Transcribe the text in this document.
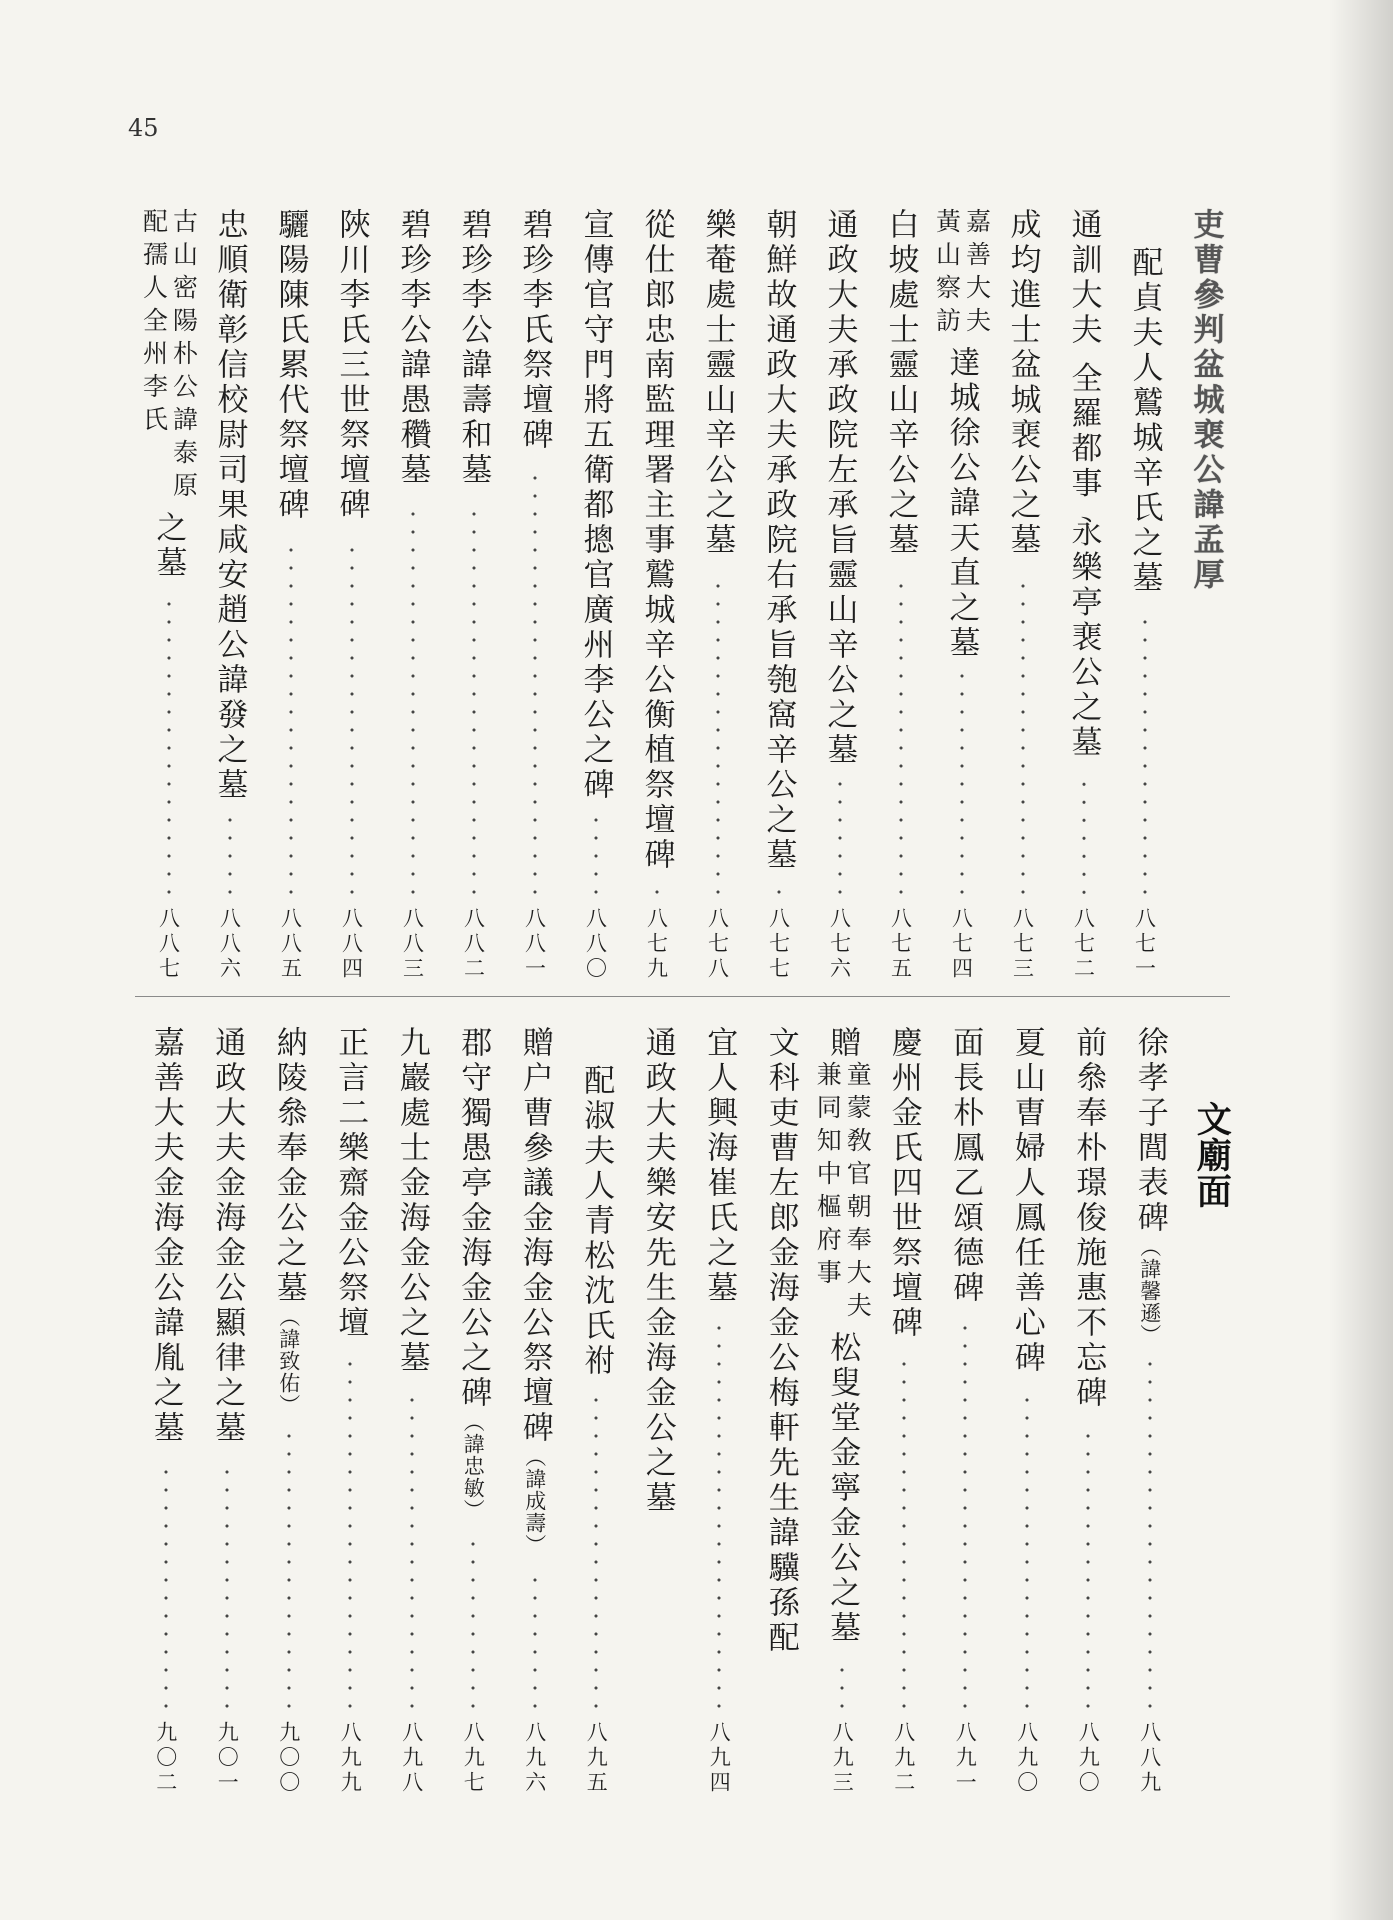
45
吏曹參判盆城裵公諱孟厚
配貞夫人鷲城辛氏之墓
八七一
通訓大夫 全羅都事 永樂亭裵公之墓
八七二
成均進士盆城裵公之墓
八七三
嘉善大夫
黃山察訪
達城徐公諱天直之墓
八七四
白坡處士靈山辛公之墓
八七五
通政大夫承政院左承旨靈山辛公之墓
八七六
朝鮮故通政大夫承政院右承旨匏窩辛公之墓
八七七
樂菴處士靈山辛公之墓
八七八
從仕郎忠南監理署主事鷲城辛公衡植祭壇碑
八七九
宣傳官守門將五衛都摠官廣州李公之碑
八八〇
碧珍李氏祭壇碑
八八一
碧珍李公諱壽和墓
八八二
碧珍李公諱愚穳墓
八八三
陜川李氏三世祭壇碑
八八四
驪陽陳氏累代祭壇碑
八八五
忠順衛彰信校尉司果咸安趙公諱發之墓
八八六
古山密陽朴公諱泰原
配孺人全州李氏
之墓
八八七
文廟面
徐孝子閭表碑（諱馨遜）
八八九
前叅奉朴璟俊施惠不忘碑
八九〇
夏山曺婦人鳳任善心碑
八九〇
面長朴鳳乙頌德碑
八九一
慶州金氏四世祭壇碑
八九二
贈
童蒙敎官朝奉大夫
兼同知中樞府事
松叟堂金寧金公之墓
八九三
文科吏曹左郎金海金公梅軒先生諱驥孫配
宜人興海崔氏之墓
八九四
通政大夫樂安先生金海金公之墓
配淑夫人青松沈氏祔
八九五
贈户曹參議金海金公祭壇碑（諱成壽）
八九六
郡守獨愚亭金海金公之碑（諱忠敏）
八九七
九巖處士金海金公之墓
八九八
正言二樂齋金公祭壇
八九九
納陵叅奉金公之墓（諱致佑）
九〇〇
通政大夫金海金公顯律之墓
九〇一
嘉善大夫金海金公諱胤之墓
九〇二
